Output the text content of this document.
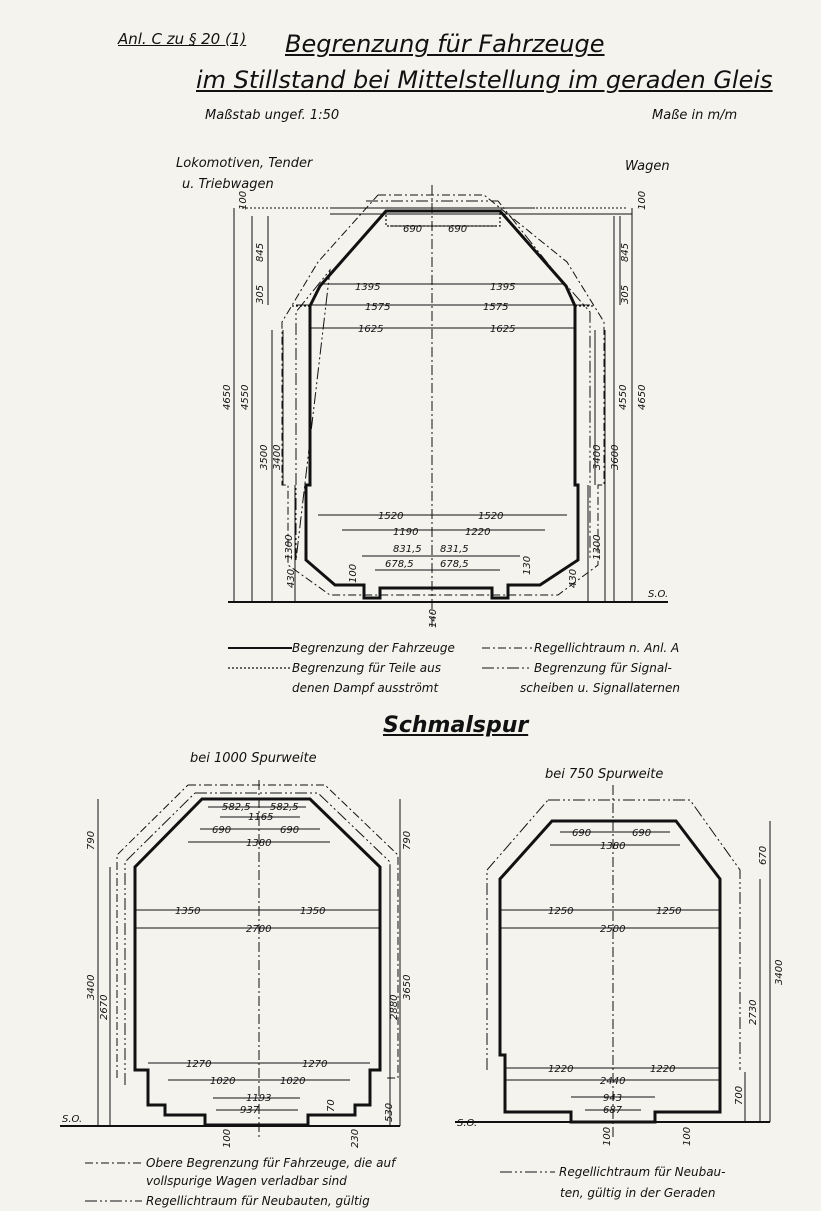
Anl. C zu § 20 (1) Begrenzung für Fahrzeuge
im Stillstand bei Mittelstellung im geraden Gleis
Maßstab ungef. 1:50	Maße in m/m
Schmalspur
690	690
1395	1395
1575	1575
1625	1625
1520	1520
1190	1220
831,5 831,5
678,5	678,5
100	100
845	845
305	305
4650 4550	4550 4650
3500 3400	3400 3600
1300	1300
430	430
100	130
140
S.O.
Lokomotiven, Tender
u. Triebwagen
Wagen
Begrenzung der Fahrzeuge
Begrenzung für Teile aus
denen Dampf ausströmt
Regellichtraum n. Anl. A
Begrenzung für Signal-
scheiben u. Signallaternen
582,5 582,5
1165
690	690
1380
1350	1350
2700
1270	1270
1020	1020
1193
937
790	790
3400
2670
3650
2880
100	230
530
70
S.O.
bei 1000 Spurweite
690	690
1380
1250	1250
2500
1220	1220
2440
943
687
670
3400
2730
700
100	100
S.O.
bei 750 Spurweite
Obere Begrenzung für Fahrzeuge, die auf
vollspurige Wagen verladbar sind
Regellichtraum für Neubauten, gültig
Regellichtraum für Neubau-
ten, gültig in der Geraden
